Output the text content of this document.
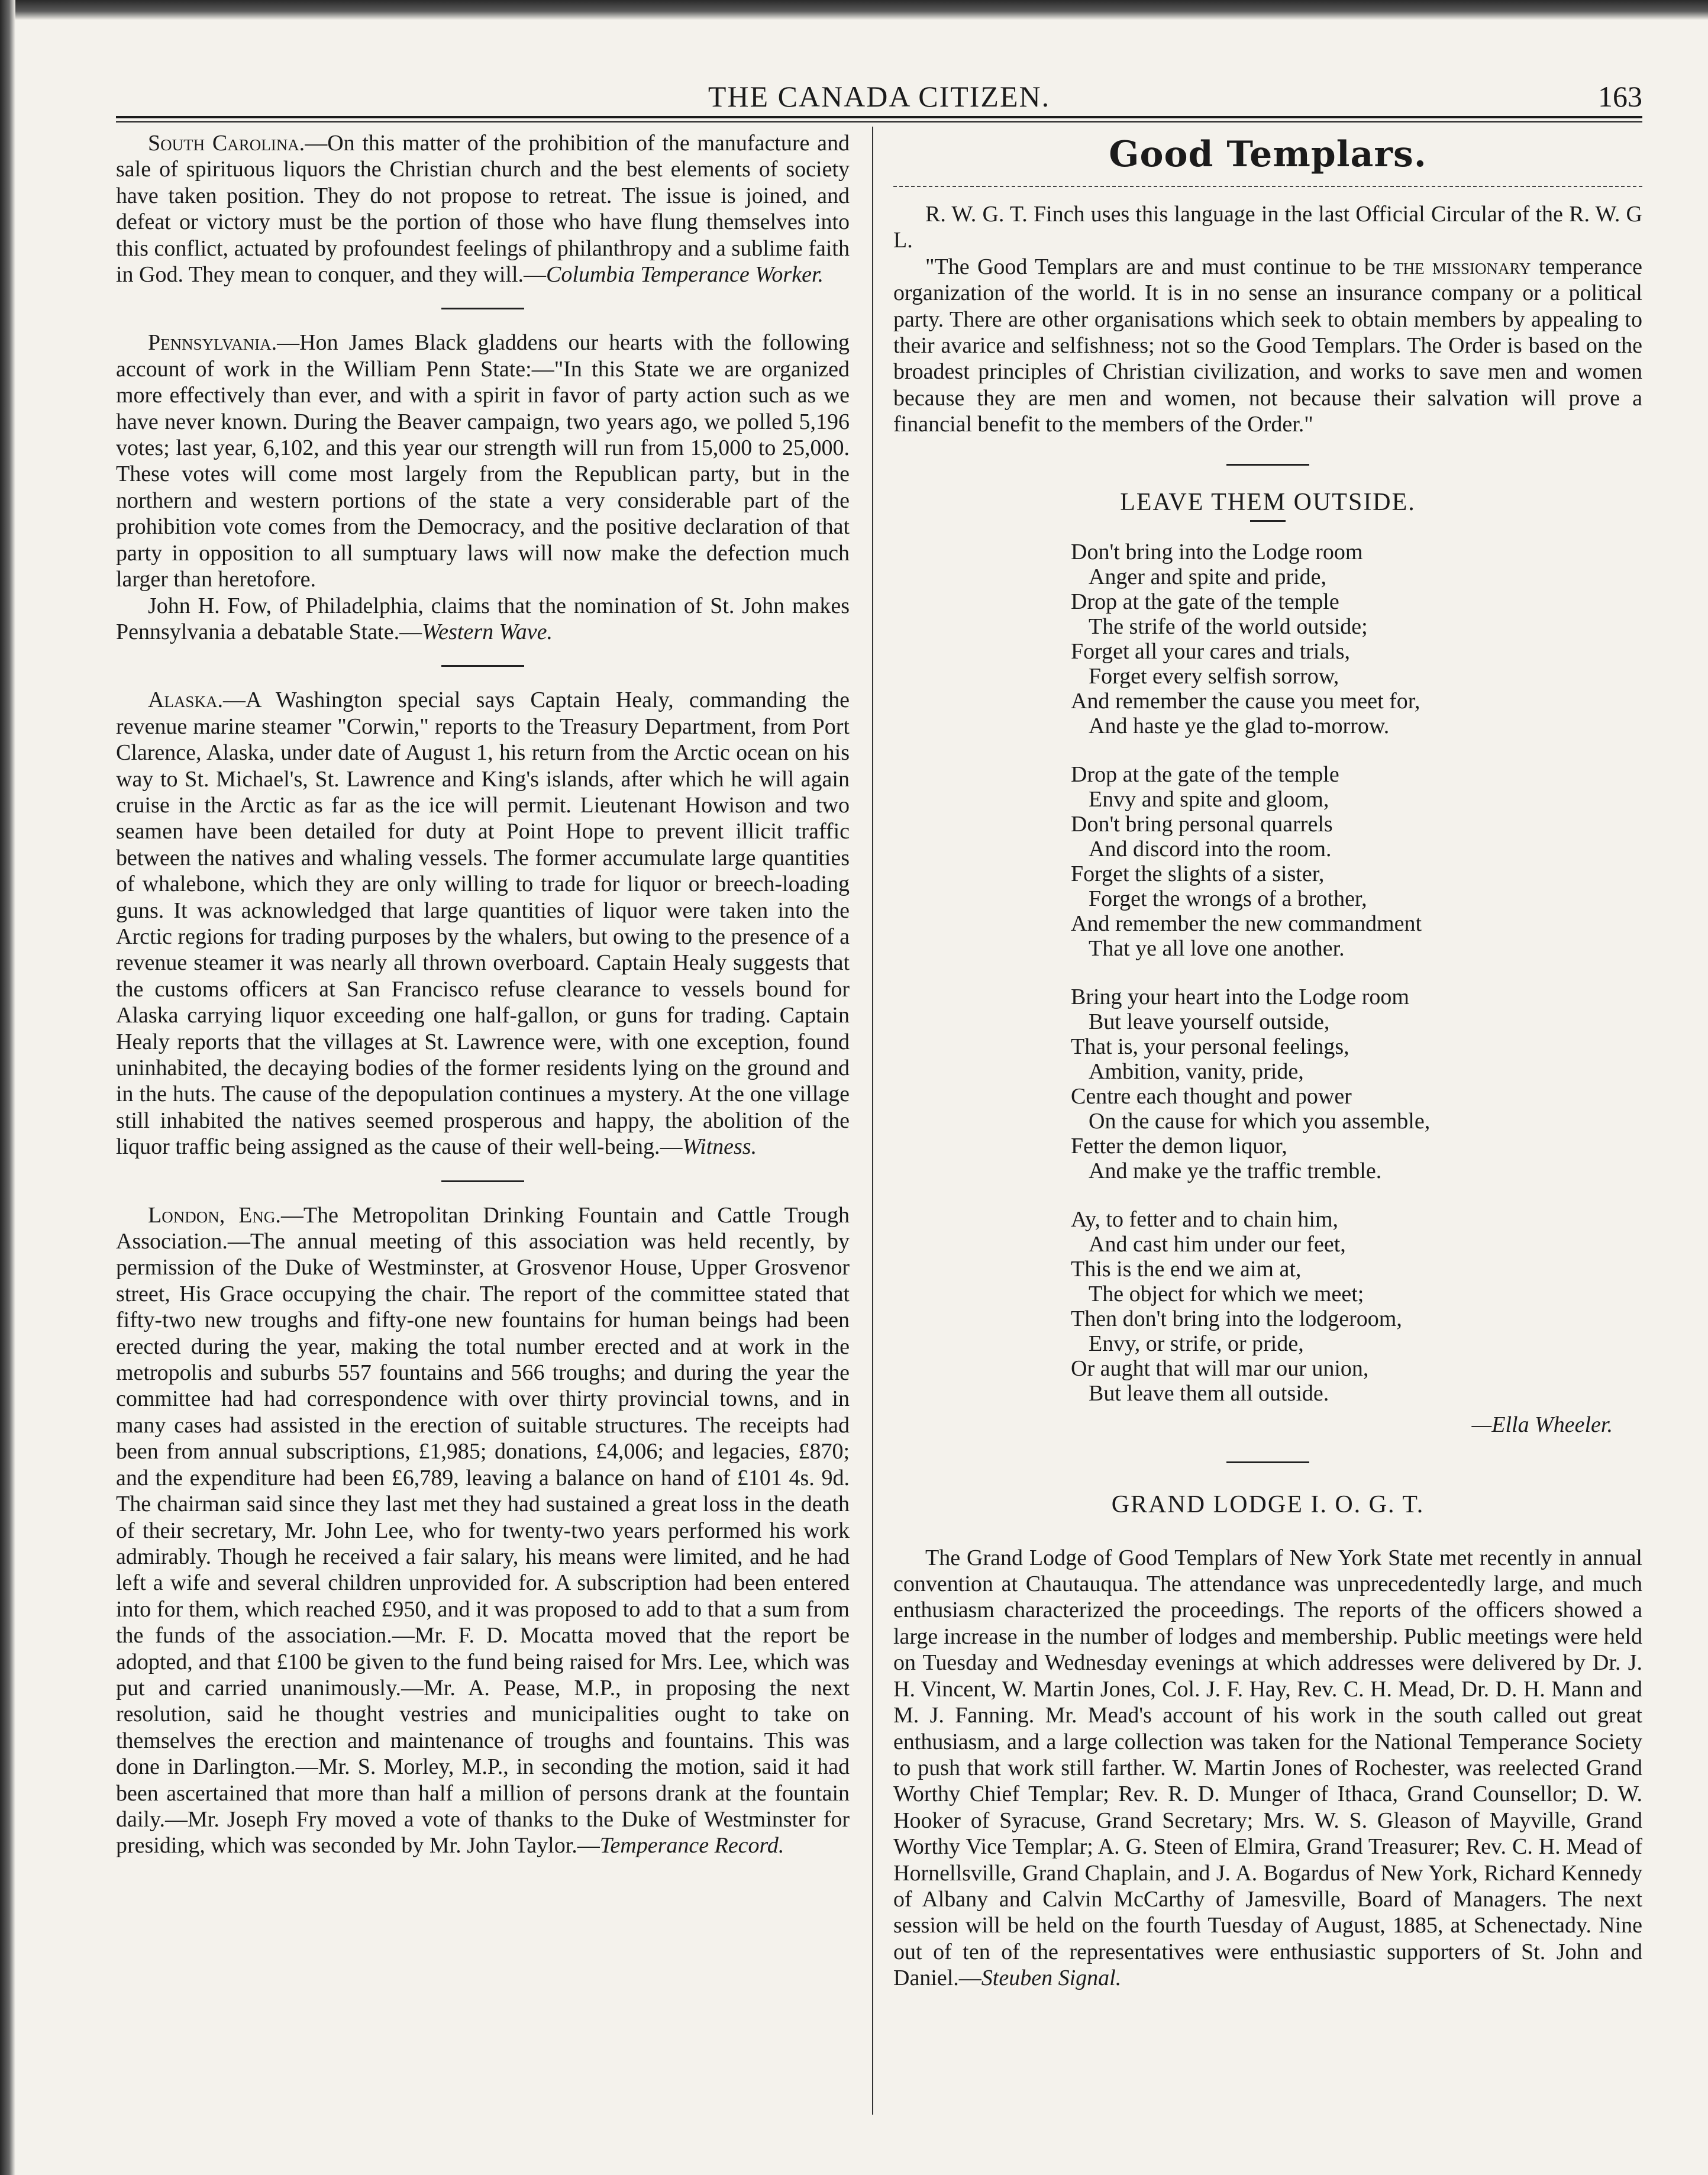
THE CANADA CITIZEN.	163

South Carolina.—On this matter of the prohibition of the manufacture and sale of spirituous liquors the Christian church and the best elements of society have taken position. They do not propose to retreat. The issue is joined, and defeat or victory must be the portion of those who have flung themselves into this conflict, actuated by profoundest feelings of philanthropy and a sublime faith in God. They mean to conquer, and they will.—Columbia Temperance Worker.

Pennsylvania.—Hon James Black gladdens our hearts with the following account of work in the William Penn State:—"In this State we are organized more effectively than ever, and with a spirit in favor of party action such as we have never known. During the Beaver campaign, two years ago, we polled 5,196 votes; last year, 6,102, and this year our strength will run from 15,000 to 25,000. These votes will come most largely from the Republican party, but in the northern and western portions of the state a very considerable part of the prohibition vote comes from the Democracy, and the positive declaration of that party in opposition to all sumptuary laws will now make the defection much larger than heretofore.

John H. Fow, of Philadelphia, claims that the nomination of St. John makes Pennsylvania a debatable State.—Western Wave.

Alaska.—A Washington special says Captain Healy, commanding the revenue marine steamer "Corwin," reports to the Treasury Department, from Port Clarence, Alaska, under date of August 1, his return from the Arctic ocean on his way to St. Michael's, St. Lawrence and King's islands, after which he will again cruise in the Arctic as far as the ice will permit. Lieutenant Howison and two seamen have been detailed for duty at Point Hope to prevent illicit traffic between the natives and whaling vessels. The former accumulate large quantities of whalebone, which they are only willing to trade for liquor or breech-loading guns. It was acknowledged that large quantities of liquor were taken into the Arctic regions for trading purposes by the whalers, but owing to the presence of a revenue steamer it was nearly all thrown overboard. Captain Healy suggests that the customs officers at San Francisco refuse clearance to vessels bound for Alaska carrying liquor exceeding one half-gallon, or guns for trading. Captain Healy reports that the villages at St. Lawrence were, with one exception, found uninhabited, the decaying bodies of the former residents lying on the ground and in the huts. The cause of the depopulation continues a mystery. At the one village still inhabited the natives seemed prosperous and happy, the abolition of the liquor traffic being assigned as the cause of their well-being.—Witness.

London, Eng.—The Metropolitan Drinking Fountain and Cattle Trough Association.—The annual meeting of this association was held recently, by permission of the Duke of Westminster, at Grosvenor House, Upper Grosvenor street, His Grace occupying the chair. The report of the committee stated that fifty-two new troughs and fifty-one new fountains for human beings had been erected during the year, making the total number erected and at work in the metropolis and suburbs 557 fountains and 566 troughs; and during the year the committee had had correspondence with over thirty provincial towns, and in many cases had assisted in the erection of suitable structures. The receipts had been from annual subscriptions, £1,985; donations, £4,006; and legacies, £870; and the expenditure had been £6,789, leaving a balance on hand of £101 4s. 9d. The chairman said since they last met they had sustained a great loss in the death of their secretary, Mr. John Lee, who for twenty-two years performed his work admirably. Though he received a fair salary, his means were limited, and he had left a wife and several children unprovided for. A subscription had been entered into for them, which reached £950, and it was proposed to add to that a sum from the funds of the association.—Mr. F. D. Mocatta moved that the report be adopted, and that £100 be given to the fund being raised for Mrs. Lee, which was put and carried unanimously.—Mr. A. Pease, M.P., in proposing the next resolution, said he thought vestries and municipalities ought to take on themselves the erection and maintenance of troughs and fountains. This was done in Darlington.—Mr. S. Morley, M.P., in seconding the motion, said it had been ascertained that more than half a million of persons drank at the fountain daily.—Mr. Joseph Fry moved a vote of thanks to the Duke of Westminster for presiding, which was seconded by Mr. John Taylor.—Temperance Record.

Good Templars.

R. W. G. T. Finch uses this language in the last Official Circular of the R. W. G L.

"The Good Templars are and must continue to be the missionary temperance organization of the world. It is in no sense an insurance company or a political party. There are other organisations which seek to obtain members by appealing to their avarice and selfishness; not so the Good Templars. The Order is based on the broadest principles of Christian civilization, and works to save men and women because they are men and women, not because their salvation will prove a financial benefit to the members of the Order."

LEAVE THEM OUTSIDE.
Don't bring into the Lodge room
Anger and spite and pride,
Drop at the gate of the temple
The strife of the world outside;
Forget all your cares and trials,
Forget every selfish sorrow,
And remember the cause you meet for,
And haste ye the glad to-morrow.
Drop at the gate of the temple
Envy and spite and gloom,
Don't bring personal quarrels
And discord into the room.
Forget the slights of a sister,
Forget the wrongs of a brother,
And remember the new commandment
That ye all love one another.
Bring your heart into the Lodge room
But leave yourself outside,
That is, your personal feelings,
Ambition, vanity, pride,
Centre each thought and power
On the cause for which you assemble,
Fetter the demon liquor,
And make ye the traffic tremble.
Ay, to fetter and to chain him,
And cast him under our feet,
This is the end we aim at,
The object for which we meet;
Then don't bring into the lodgeroom,
Envy, or strife, or pride,
Or aught that will mar our union,
But leave them all outside.
—Ella Wheeler.
GRAND LODGE I. O. G. T.

The Grand Lodge of Good Templars of New York State met recently in annual convention at Chautauqua. The attendance was unprecedentedly large, and much enthusiasm characterized the proceedings. The reports of the officers showed a large increase in the number of lodges and membership. Public meetings were held on Tuesday and Wednesday evenings at which addresses were delivered by Dr. J. H. Vincent, W. Martin Jones, Col. J. F. Hay, Rev. C. H. Mead, Dr. D. H. Mann and M. J. Fanning. Mr. Mead's account of his work in the south called out great enthusiasm, and a large collection was taken for the National Temperance Society to push that work still farther. W. Martin Jones of Rochester, was reelected Grand Worthy Chief Templar; Rev. R. D. Munger of Ithaca, Grand Counsellor; D. W. Hooker of Syracuse, Grand Secretary; Mrs. W. S. Gleason of Mayville, Grand Worthy Vice Templar; A. G. Steen of Elmira, Grand Treasurer; Rev. C. H. Mead of Hornellsville, Grand Chaplain, and J. A. Bogardus of New York, Richard Kennedy of Albany and Calvin McCarthy of Jamesville, Board of Managers. The next session will be held on the fourth Tuesday of August, 1885, at Schenectady. Nine out of ten of the representatives were enthusiastic supporters of St. John and Daniel.—Steuben Signal.
